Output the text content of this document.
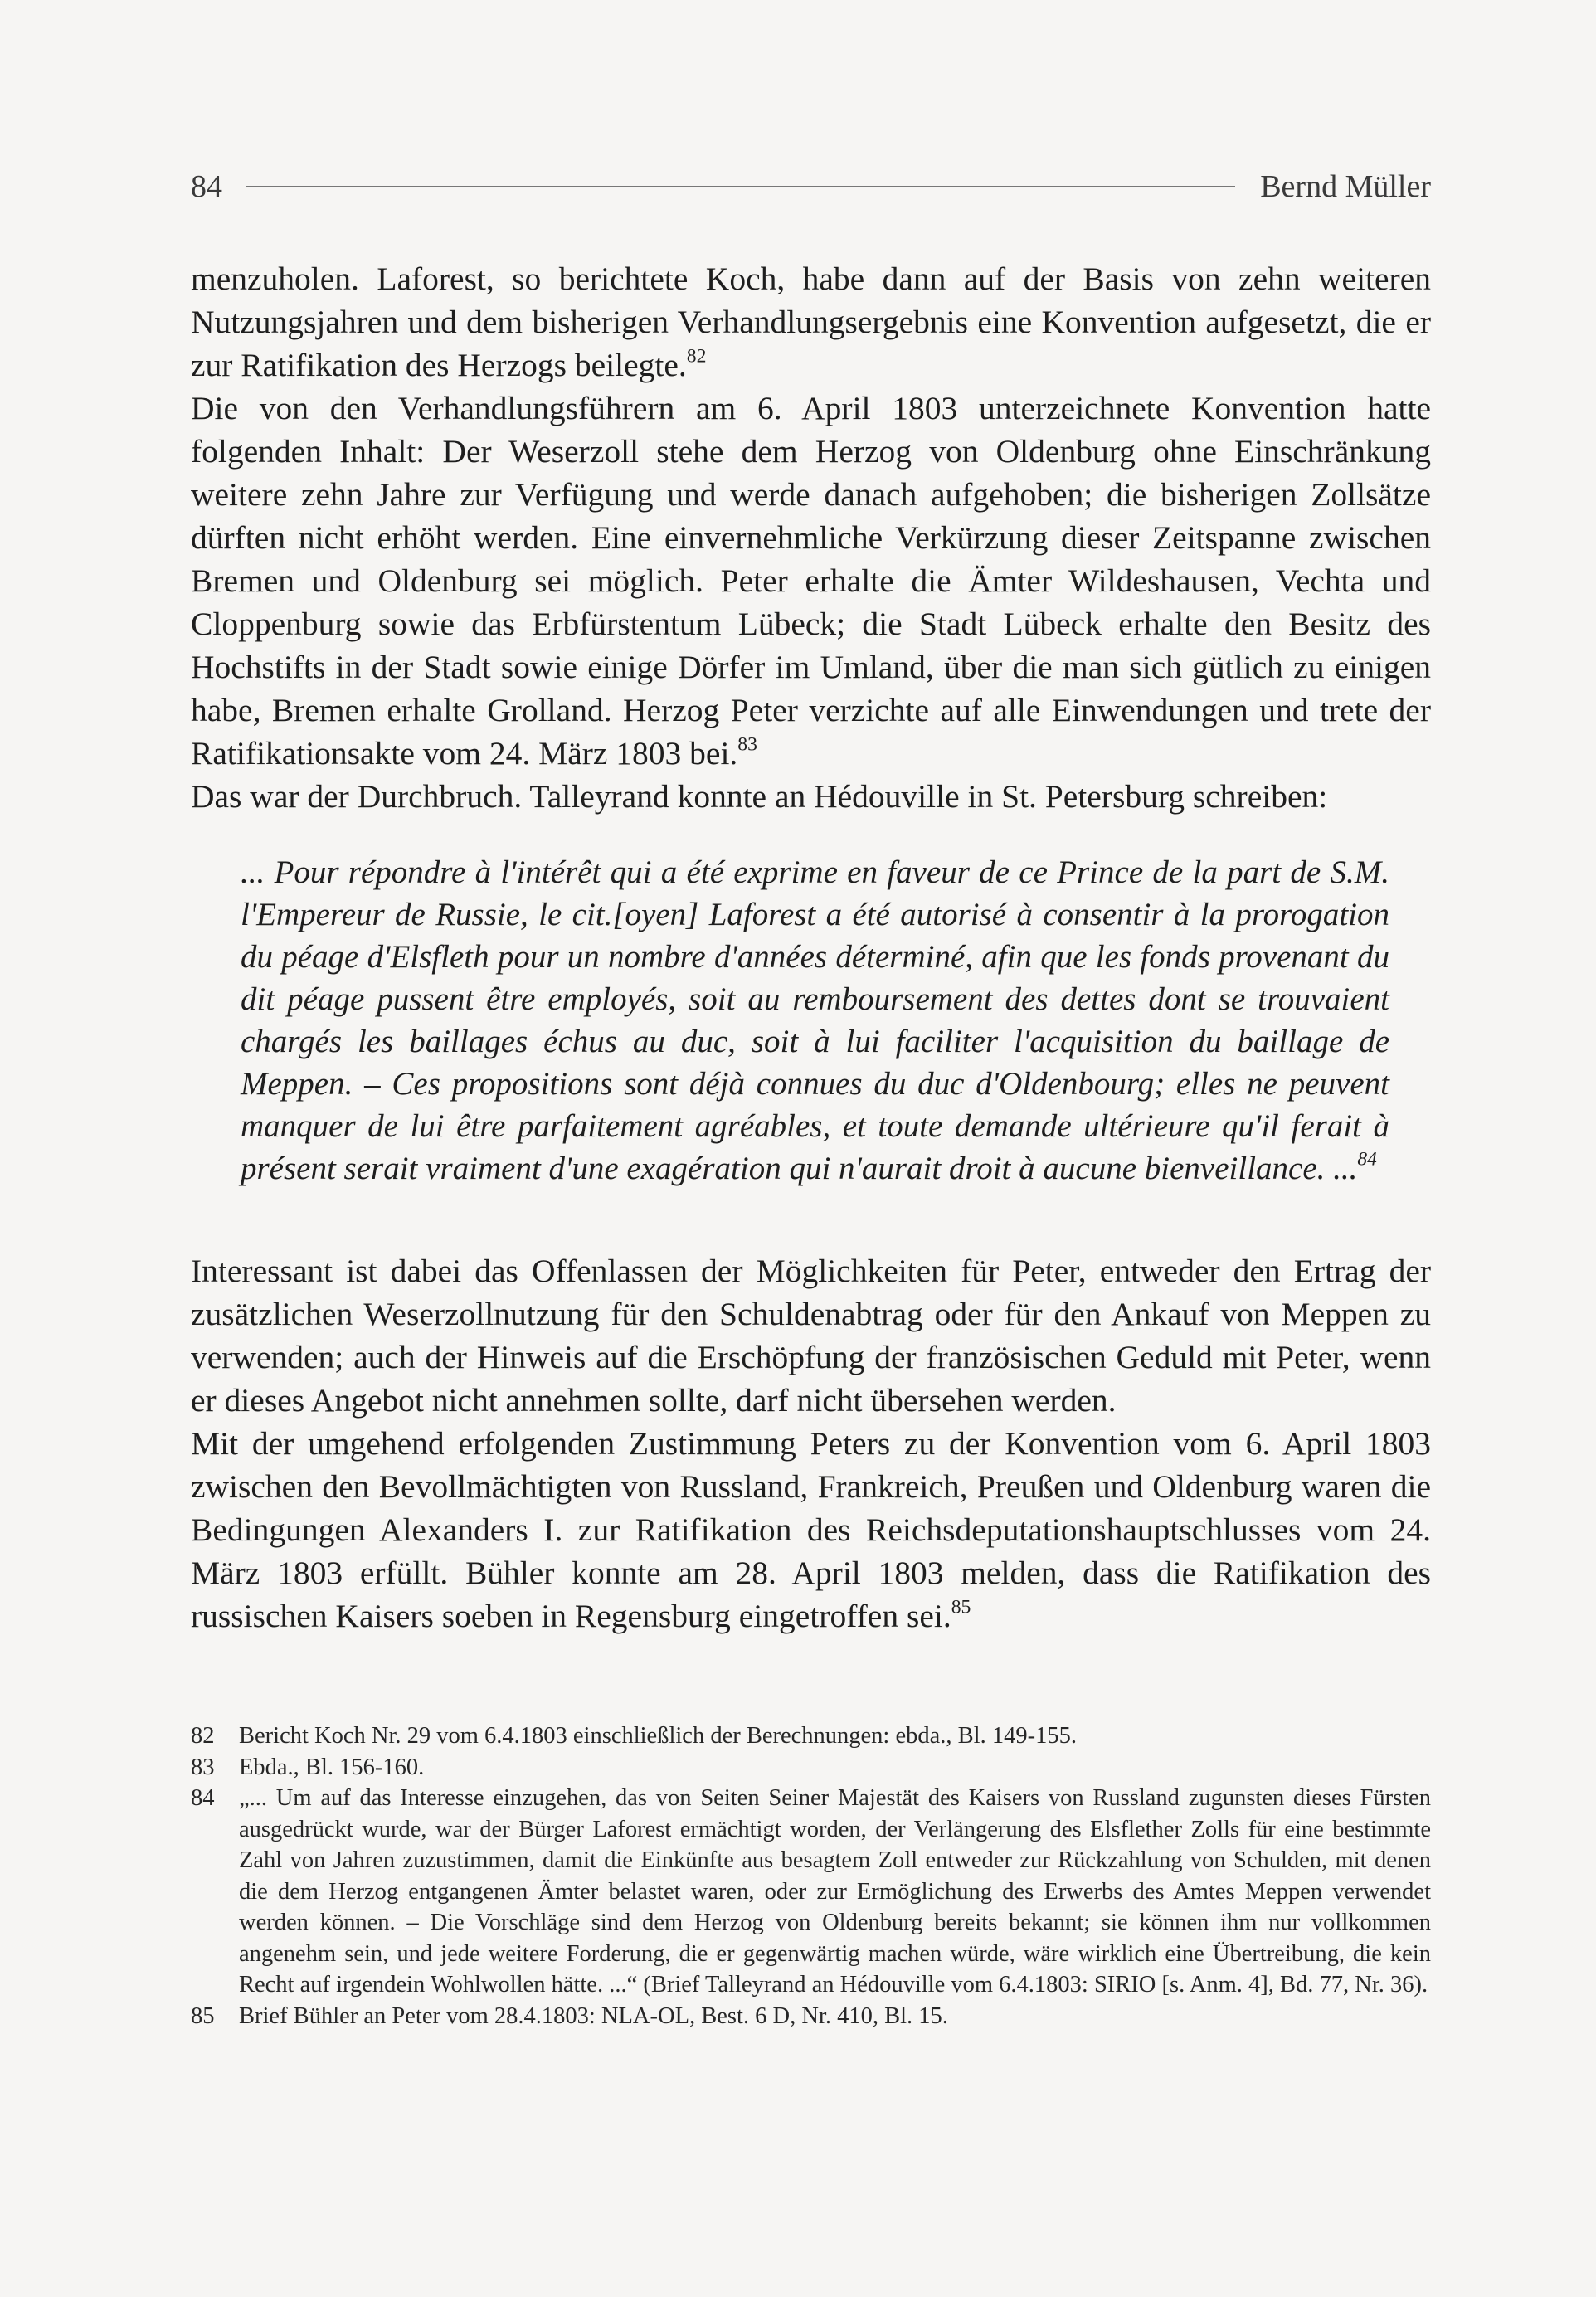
84	Bernd Müller

menzuholen. Laforest, so berichtete Koch, habe dann auf der Basis von zehn weiteren Nutzungsjahren und dem bisherigen Verhandlungsergebnis eine Konvention aufgesetzt, die er zur Ratifikation des Herzogs beilegte.$^{82}$

Die von den Verhandlungsführern am 6. April 1803 unterzeichnete Konvention hatte folgenden Inhalt: Der Weserzoll stehe dem Herzog von Oldenburg ohne Einschränkung weitere zehn Jahre zur Verfügung und werde danach aufgehoben; die bisherigen Zollsätze dürften nicht erhöht werden. Eine einvernehmliche Verkürzung dieser Zeitspanne zwischen Bremen und Oldenburg sei möglich. Peter erhalte die Ämter Wildeshausen, Vechta und Cloppenburg sowie das Erbfürstentum Lübeck; die Stadt Lübeck erhalte den Besitz des Hochstifts in der Stadt sowie einige Dörfer im Umland, über die man sich gütlich zu einigen habe, Bremen erhalte Grolland. Herzog Peter verzichte auf alle Einwendungen und trete der Ratifikationsakte vom 24. März 1803 bei.$^{83}$

Das war der Durchbruch. Talleyrand konnte an Hédouville in St. Petersburg schreiben:

... Pour répondre à l'intérêt qui a été exprime en faveur de ce Prince de la part de S.M. l'Empereur de Russie, le cit.[oyen] Laforest a été autorisé à consentir à la prorogation du péage d'Elsfleth pour un nombre d'années déterminé, afin que les fonds provenant du dit péage pussent être employés, soit au remboursement des dettes dont se trouvaient chargés les baillages échus au duc, soit à lui faciliter l'acquisition du baillage de Meppen. – Ces propositions sont déjà connues du duc d'Oldenbourg; elles ne peuvent manquer de lui être parfaitement agréables, et toute demande ultérieure qu'il ferait à présent serait vraiment d'une exagération qui n'aurait droit à aucune bienveillance. ...$^{84}$

Interessant ist dabei das Offenlassen der Möglichkeiten für Peter, entweder den Ertrag der zusätzlichen Weserzollnutzung für den Schuldenabtrag oder für den Ankauf von Meppen zu verwenden; auch der Hinweis auf die Erschöpfung der französischen Geduld mit Peter, wenn er dieses Angebot nicht annehmen sollte, darf nicht übersehen werden.

Mit der umgehend erfolgenden Zustimmung Peters zu der Konvention vom 6. April 1803 zwischen den Bevollmächtigten von Russland, Frankreich, Preußen und Oldenburg waren die Bedingungen Alexanders I. zur Ratifikation des Reichsdeputationshauptschlusses vom 24. März 1803 erfüllt. Bühler konnte am 28. April 1803 melden, dass die Ratifikation des russischen Kaisers soeben in Regensburg eingetroffen sei.$^{85}$

82	Bericht Koch Nr. 29 vom 6.4.1803 einschließlich der Berechnungen: ebda., Bl. 149-155.
83	Ebda., Bl. 156-160.
84	„... Um auf das Interesse einzugehen, das von Seiten Seiner Majestät des Kaisers von Russland zugunsten dieses Fürsten ausgedrückt wurde, war der Bürger Laforest ermächtigt worden, der Verlängerung des Elsflether Zolls für eine bestimmte Zahl von Jahren zuzustimmen, damit die Einkünfte aus besagtem Zoll entweder zur Rückzahlung von Schulden, mit denen die dem Herzog entgangenen Ämter belastet waren, oder zur Ermöglichung des Erwerbs des Amtes Meppen verwendet werden können. – Die Vorschläge sind dem Herzog von Oldenburg bereits bekannt; sie können ihm nur vollkommen angenehm sein, und jede weitere Forderung, die er gegenwärtig machen würde, wäre wirklich eine Übertreibung, die kein Recht auf irgendein Wohlwollen hätte. ...“ (Brief Talleyrand an Hédouville vom 6.4.1803: SIRIO [s. Anm. 4], Bd. 77, Nr. 36).
85	Brief Bühler an Peter vom 28.4.1803: NLA-OL, Best. 6 D, Nr. 410, Bl. 15.
